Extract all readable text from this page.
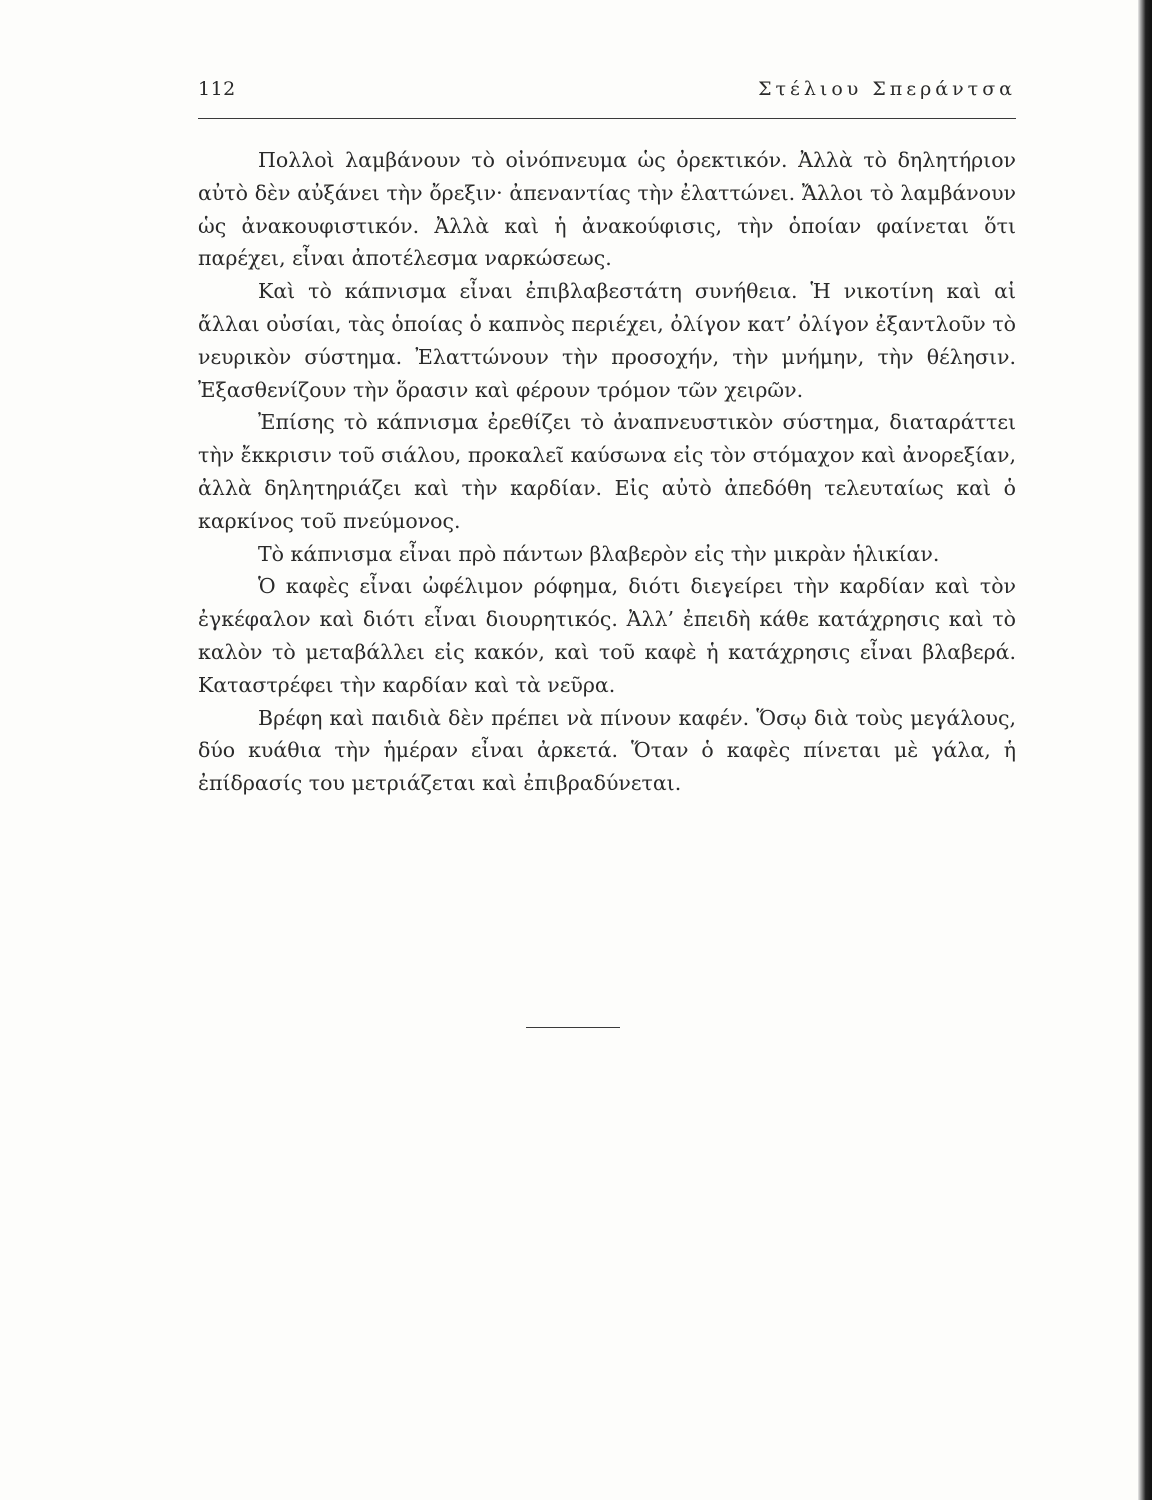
112	Στέλιου Σπεράντσα

Πολλοὶ λαμβάνουν τὸ οἰνόπνευμα ὡς ὀρεκτικόν. Ἀλλὰ τὸ δηλητήριον αὐτὸ δὲν αὐξάνει τὴν ὄρεξιν· ἀπεναντίας τὴν ἐλαττώνει. Ἄλλοι τὸ λαμβάνουν ὡς ἀνακουφιστικόν. Ἀλλὰ καὶ ἡ ἀνακούφισις, τὴν ὁποίαν φαίνεται ὅτι παρέχει, εἶναι ἀποτέλεσμα ναρκώσεως.

Καὶ τὸ κάπνισμα εἶναι ἐπιβλαβεστάτη συνήθεια. Ἡ νικοτίνη καὶ αἱ ἄλλαι οὐσίαι, τὰς ὁποίας ὁ καπνὸς περιέχει, ὀλίγον κατ’ ὀλίγον ἐξαντλοῦν τὸ νευρικὸν σύστημα. Ἐλαττώνουν τὴν προσοχήν, τὴν μνήμην, τὴν θέλησιν. Ἐξασθενίζουν τὴν ὅρασιν καὶ φέρουν τρόμον τῶν χειρῶν.

Ἐπίσης τὸ κάπνισμα ἐρεθίζει τὸ ἀναπνευστικὸν σύστημα, διαταράττει τὴν ἔκκρισιν τοῦ σιάλου, προκαλεῖ καύσωνα εἰς τὸν στόμαχον καὶ ἀνορεξίαν, ἀλλὰ δηλητηριάζει καὶ τὴν καρδίαν. Εἰς αὐτὸ ἀπεδόθη τελευταίως καὶ ὁ καρκίνος τοῦ πνεύμονος.

Τὸ κάπνισμα εἶναι πρὸ πάντων βλαβερὸν εἰς τὴν μικρὰν ἡλικίαν.

Ὁ καφὲς εἶναι ὠφέλιμον ρόφημα, διότι διεγείρει τὴν καρδίαν καὶ τὸν ἐγκέφαλον καὶ διότι εἶναι διουρητικός. Ἀλλ’ ἐπειδὴ κάθε κατάχρησις καὶ τὸ καλὸν τὸ μεταβάλλει εἰς κακόν, καὶ τοῦ καφὲ ἡ κατάχρησις εἶναι βλαβερά. Καταστρέφει τὴν καρδίαν καὶ τὰ νεῦρα.

Βρέφη καὶ παιδιὰ δὲν πρέπει νὰ πίνουν καφέν. Ὅσῳ διὰ τοὺς μεγάλους, δύο κυάθια τὴν ἡμέραν εἶναι ἀρκετά. Ὅταν ὁ καφὲς πίνεται μὲ γάλα, ἡ ἐπίδρασίς του μετριάζεται καὶ ἐπιβραδύνεται.
